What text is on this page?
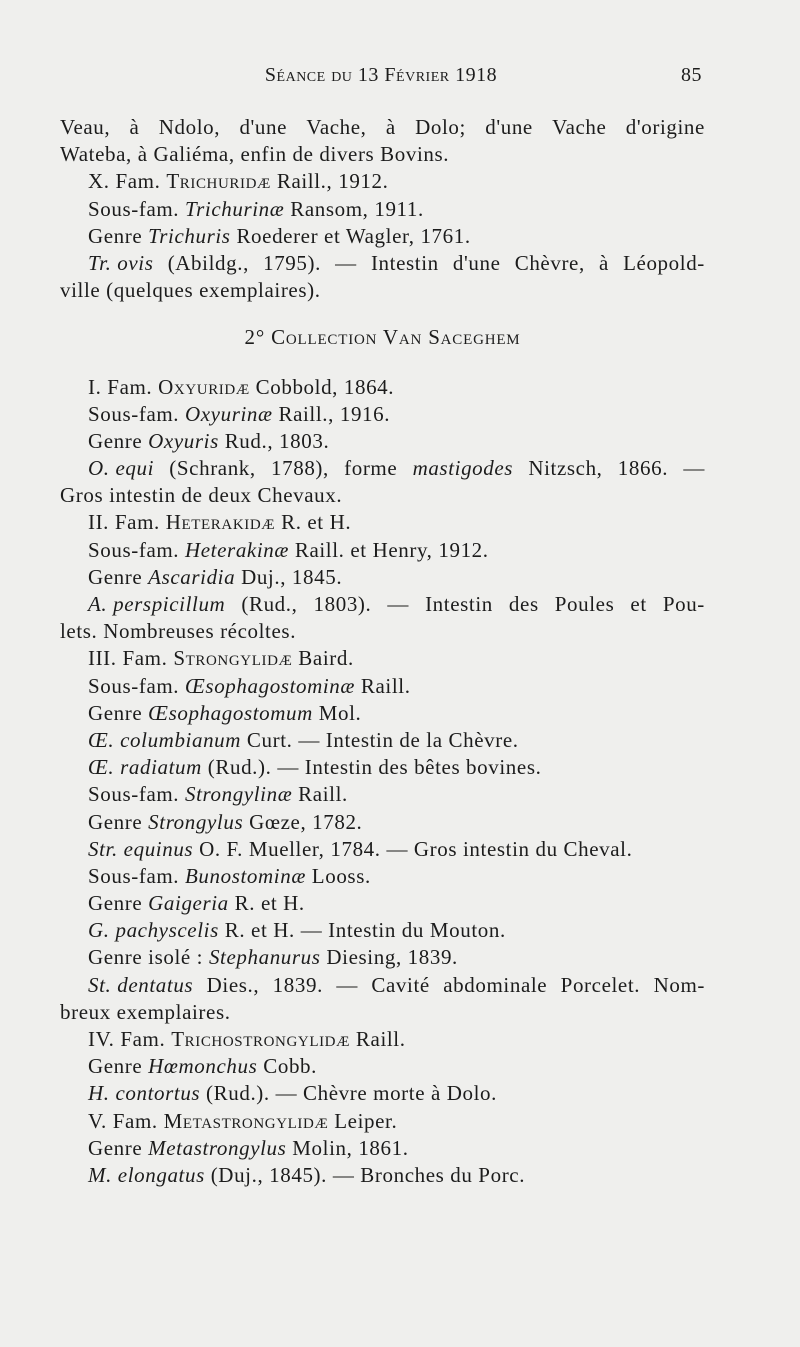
Séance du 13 Février 1918	85
Veau, à Ndolo, d'une Vache, à Dolo; d'une Vache d'origine
Wateba, à Galiéma, enfin de divers Bovins.
X. Fam. Trichuridæ Raill., 1912.
Sous-fam. Trichurinæ Ransom, 1911.
Genre Trichuris Roederer et Wagler, 1761.
Tr. ovis (Abildg., 1795). — Intestin d'une Chèvre, à Léopold-
ville (quelques exemplaires).
2° Collection Van Saceghem
I. Fam. Oxyuridæ Cobbold, 1864.
Sous-fam. Oxyurinæ Raill., 1916.
Genre Oxyuris Rud., 1803.
O. equi (Schrank, 1788), forme mastigodes Nitzsch, 1866. —
Gros intestin de deux Chevaux.
II. Fam. Heterakidæ R. et H.
Sous-fam. Heterakinæ Raill. et Henry, 1912.
Genre Ascaridia Duj., 1845.
A. perspicillum (Rud., 1803). — Intestin des Poules et Pou-
lets. Nombreuses récoltes.
III. Fam. Strongylidæ Baird.
Sous-fam. Œsophagostominæ Raill.
Genre Œsophagostomum Mol.
Œ. columbianum Curt. — Intestin de la Chèvre.
Œ. radiatum (Rud.). — Intestin des bêtes bovines.
Sous-fam. Strongylinæ Raill.
Genre Strongylus Gœze, 1782.
Str. equinus O. F. Mueller, 1784. — Gros intestin du Cheval.
Sous-fam. Bunostominæ Looss.
Genre Gaigeria R. et H.
G. pachyscelis R. et H. — Intestin du Mouton.
Genre isolé : Stephanurus Diesing, 1839.
St. dentatus Dies., 1839. — Cavité abdominale Porcelet. Nom-
breux exemplaires.
IV. Fam. Trichostrongylidæ Raill.
Genre Hœmonchus Cobb.
H. contortus (Rud.). — Chèvre morte à Dolo.
V. Fam. Metastrongylidæ Leiper.
Genre Metastrongylus Molin, 1861.
M. elongatus (Duj., 1845). — Bronches du Porc.
